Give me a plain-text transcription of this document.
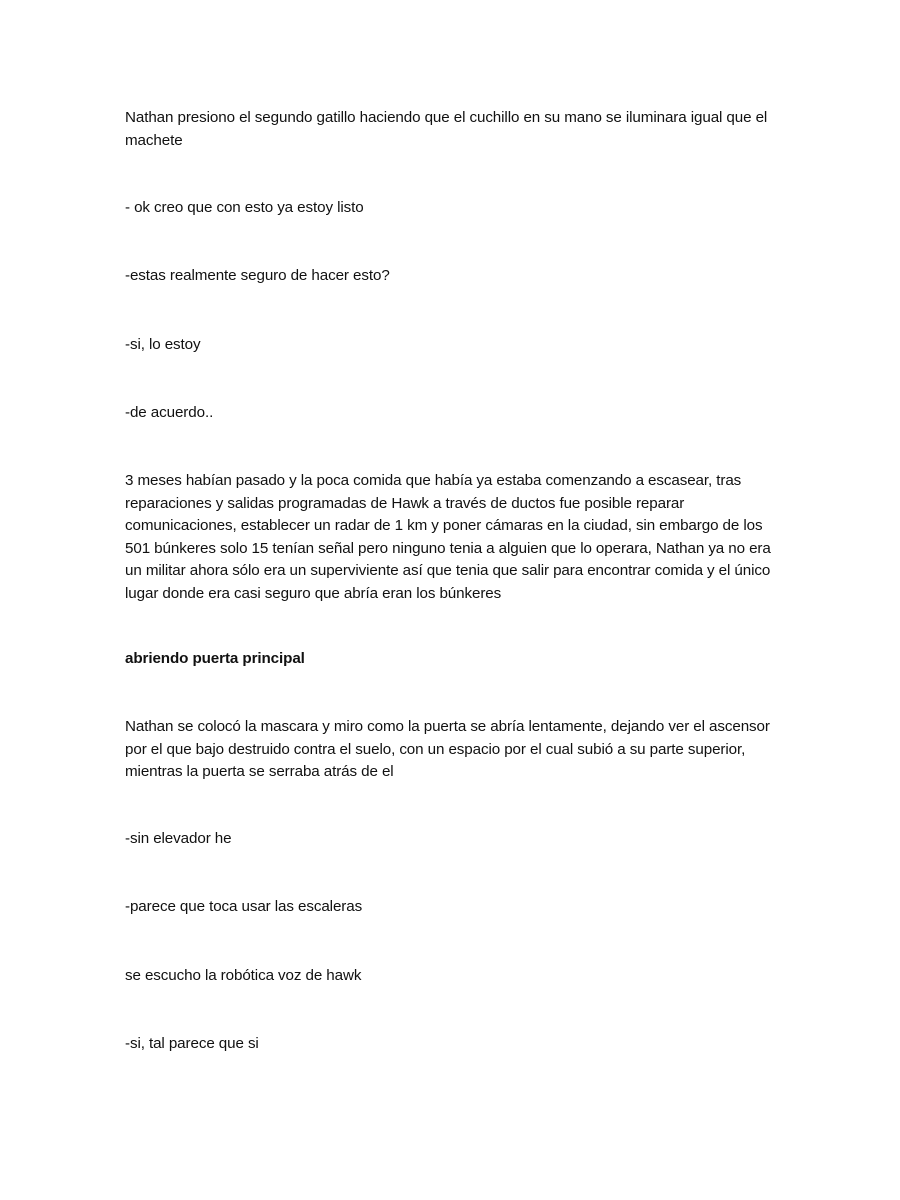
Nathan presiono el segundo gatillo haciendo que el cuchillo en su mano se iluminara igual que el machete

- ok creo que con esto ya estoy listo

-estas realmente seguro de hacer esto?

-si, lo estoy

-de acuerdo..

3 meses habían pasado y la poca comida que había ya estaba comenzando a escasear, tras reparaciones y salidas programadas de Hawk a través de ductos fue posible reparar comunicaciones, establecer un radar de 1 km y poner cámaras en la ciudad, sin embargo de los 501 búnkeres solo 15 tenían señal pero ninguno tenia a alguien que lo operara, Nathan ya no era un militar ahora sólo era un superviviente así que tenia que salir para encontrar comida y el único lugar donde era casi seguro que abría eran los búnkeres

abriendo puerta principal

Nathan se colocó la mascara y miro como la puerta se abría lentamente, dejando ver el ascensor por el que bajo destruido contra el suelo, con un espacio por el cual subió a su parte superior, mientras la puerta se serraba atrás de el

-sin elevador he

-parece que toca usar las escaleras

se escucho la robótica voz de hawk

-si, tal parece que si
